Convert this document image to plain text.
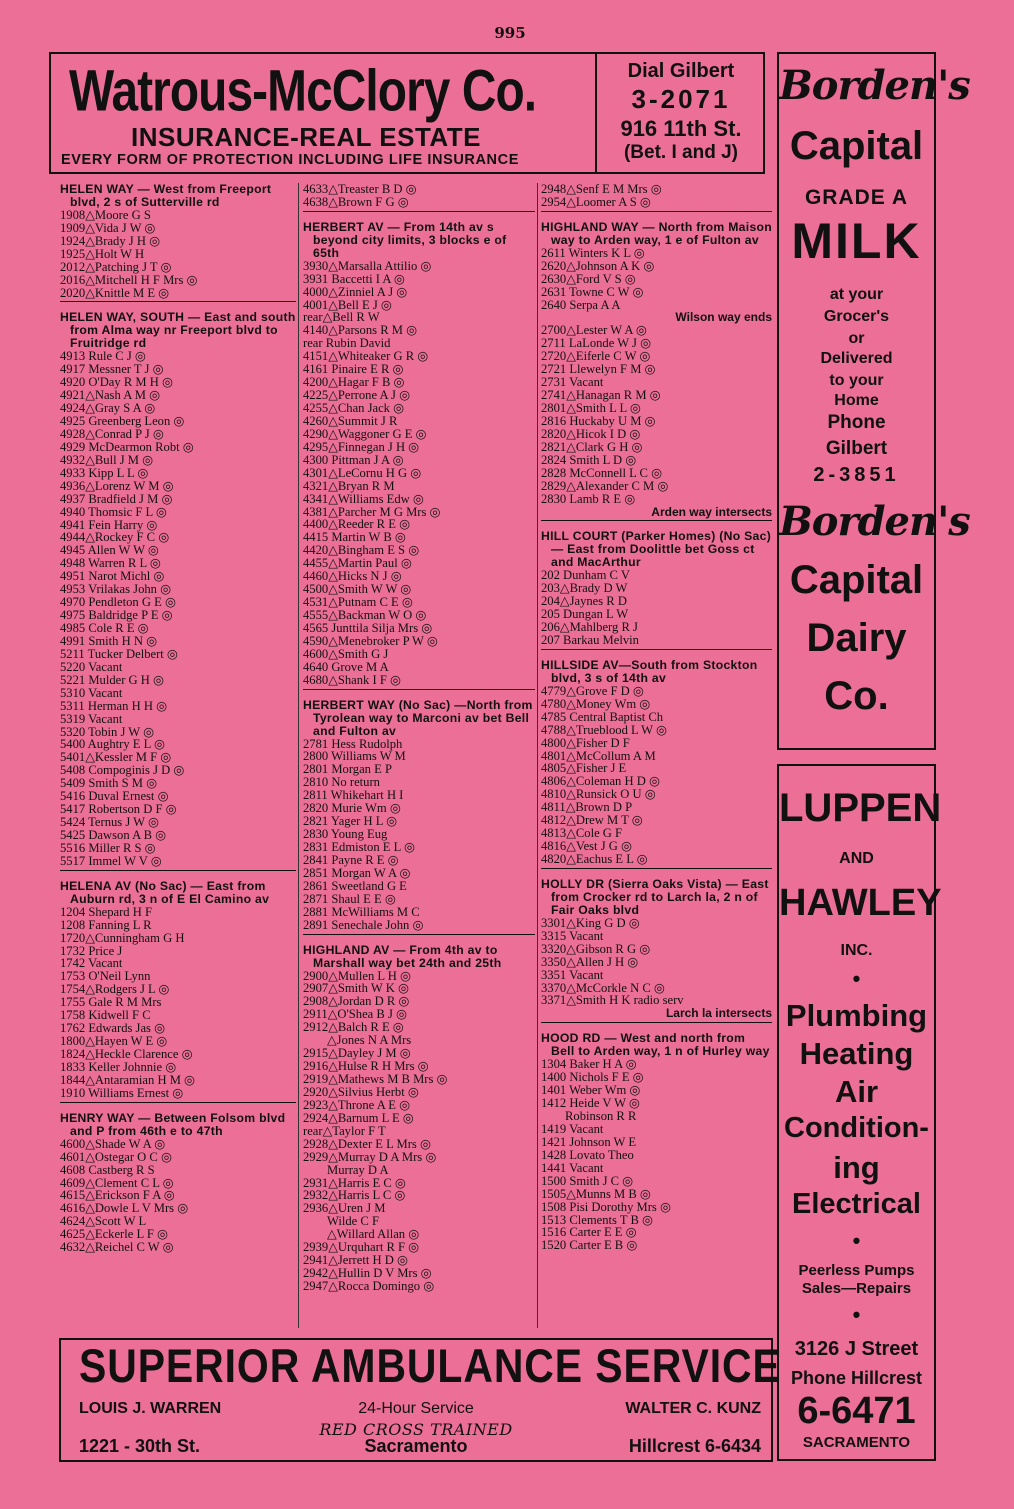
995
Watrous-McClory Co.
INSURANCE-REAL ESTATE
EVERY FORM OF PROTECTION INCLUDING LIFE INSURANCE
Dial Gilbert
3-2071
916 11th St.
(Bet. I and J)
HELEN WAY — West from Freeport blvd, 2 s of Sutterville rd
1908△Moore G S
1909△Vida J W ◎
1924△Brady J H ◎
1925△Holt W H
2012△Patching J T ◎
2016△Mitchell H F Mrs ◎
2020△Knittle M E ◎
HELEN WAY, SOUTH — East and south from Alma way nr Freeport blvd to Fruitridge rd
4913 Rule C J ◎
4917 Messner T J ◎
4920 O'Day R M H ◎
4921△Nash A M ◎
4924△Gray S A ◎
4925 Greenberg Leon ◎
4928△Conrad P J ◎
4929 McDearmon Robt ◎
4932△Bull J M ◎
4933 Kipp L L ◎
4936△Lorenz W M ◎
4937 Bradfield J M ◎
4940 Thomsic F L ◎
4941 Fein Harry ◎
4944△Rockey F C ◎
4945 Allen W W ◎
4948 Warren R L ◎
4951 Narot Michl ◎
4953 Vrilakas John ◎
4970 Pendleton G E ◎
4975 Baldridge P E ◎
4985 Cole R E ◎
4991 Smith H N ◎
5211 Tucker Delbert ◎
5220 Vacant
5221 Mulder G H ◎
5310 Vacant
5311 Herman H H ◎
5319 Vacant
5320 Tobin J W ◎
5400 Aughtry E L ◎
5401△Kessler M F ◎
5408 Compoginis J D ◎
5409 Smith S M ◎
5416 Duval Ernest ◎
5417 Robertson D F ◎
5424 Ternus J W ◎
5425 Dawson A B ◎
5516 Miller R S ◎
5517 Immel W V ◎
HELENA AV (No Sac) — East from Auburn rd, 3 n of E El Camino av
1204 Shepard H F
1208 Fanning L R
1720△Cunningham G H
1732 Price J
1742 Vacant
1753 O'Neil Lynn
1754△Rodgers J L ◎
1755 Gale R M Mrs
1758 Kidwell F C
1762 Edwards Jas ◎
1800△Hayen W E ◎
1824△Heckle Clarence ◎
1833 Keller Johnnie ◎
1844△Antaramian H M ◎
1910 Williams Ernest ◎
HENRY WAY — Between Folsom blvd and P from 46th e to 47th
4600△Shade W A ◎
4601△Ostegar O C ◎
4608 Castberg R S
4609△Clement C L ◎
4615△Erickson F A ◎
4616△Dowle L V Mrs ◎
4624△Scott W L
4625△Eckerle L F ◎
4632△Reichel C W ◎
4633△Treaster B D ◎
4638△Brown F G ◎
HERBERT AV — From 14th av s beyond city limits, 3 blocks e of 65th
3930△Marsalla Attilio ◎
3931 Baccetti I A ◎
4000△Zinniel A J ◎
4001△Bell E J ◎
rear△Bell R W
4140△Parsons R M ◎
rear Rubin David
4151△Whiteaker G R ◎
4161 Pinaire E R ◎
4200△Hagar F B ◎
4225△Perrone A J ◎
4255△Chan Jack ◎
4260△Summit J R
4290△Waggoner G E ◎
4295△Finnegan J H ◎
4300 Pittman J A ◎
4301△LeCornu H G ◎
4321△Bryan R M
4341△Williams Edw ◎
4381△Parcher M G Mrs ◎
4400△Reeder R E ◎
4415 Martin W B ◎
4420△Bingham E S ◎
4455△Martin Paul ◎
4460△Hicks N J ◎
4500△Smith W W ◎
4531△Putnam C E ◎
4555△Backman W O ◎
4565 Junttila Silja Mrs ◎
4590△Menebroker P W ◎
4600△Smith G J
4640 Grove M A
4680△Shank I F ◎
HERBERT WAY (No Sac) —North from Tyrolean way to Marconi av bet Bell and Fulton av
2781 Hess Rudolph
2800 Williams W M
2801 Morgan E P
2810 No return
2811 Whikehart H I
2820 Murie Wm ◎
2821 Yager H L ◎
2830 Young Eug
2831 Edmiston E L ◎
2841 Payne R E ◎
2851 Morgan W A ◎
2861 Sweetland G E
2871 Shaul E E ◎
2881 McWilliams M C
2891 Senechale John ◎
HIGHLAND AV — From 4th av to Marshall way bet 24th and 25th
2900△Mullen L H ◎
2907△Smith W K ◎
2908△Jordan D R ◎
2911△O'Shea B J ◎
2912△Balch R E ◎
△Jones N A Mrs
2915△Dayley J M ◎
2916△Hulse R H Mrs ◎
2919△Mathews M B Mrs ◎
2920△Silvius Herbt ◎
2923△Throne A E ◎
2924△Barnum L E ◎
rear△Taylor F T
2928△Dexter E L Mrs ◎
2929△Murray D A Mrs ◎
Murray D A
2931△Harris E C ◎
2932△Harris L C ◎
2936△Uren J M
Wilde C F
△Willard Allan ◎
2939△Urquhart R F ◎
2941△Jerrett H D ◎
2942△Hullin D V Mrs ◎
2947△Rocca Domingo ◎
2948△Senf E M Mrs ◎
2954△Loomer A S ◎
HIGHLAND WAY — North from Maison way to Arden way, 1 e of Fulton av
2611 Winters K L ◎
2620△Johnson A K ◎
2630△Ford V S ◎
2631 Towne C W ◎
2640 Serpa A A
Wilson way ends
2700△Lester W A ◎
2711 LaLonde W J ◎
2720△Eiferle C W ◎
2721 Llewelyn F M ◎
2731 Vacant
2741△Hanagan R M ◎
2801△Smith L L ◎
2816 Huckaby U M ◎
2820△Hicok I D ◎
2821△Clark G H ◎
2824 Smith L D ◎
2828 McConnell L C ◎
2829△Alexander C M ◎
2830 Lamb R E ◎
Arden way intersects
HILL COURT (Parker Homes) (No Sac) — East from Doolittle bet Goss ct and MacArthur
202 Dunham C V
203△Brady D W
204△Jaynes R D
205 Dungan L W
206△Mahlberg R J
207 Barkau Melvin
HILLSIDE AV—South from Stockton blvd, 3 s of 14th av
4779△Grove F D ◎
4780△Money Wm ◎
4785 Central Baptist Ch
4788△Trueblood L W ◎
4800△Fisher D F
4801△McCollum A M
4805△Fisher J E
4806△Coleman H D ◎
4810△Runsick O U ◎
4811△Brown D P
4812△Drew M T ◎
4813△Cole G F
4816△Vest J G ◎
4820△Eachus E L ◎
HOLLY DR (Sierra Oaks Vista) — East from Crocker rd to Larch la, 2 n of Fair Oaks blvd
3301△King G D ◎
3315 Vacant
3320△Gibson R G ◎
3350△Allen J H ◎
3351 Vacant
3370△McCorkle N C ◎
3371△Smith H K radio serv
Larch la intersects
HOOD RD — West and north from Bell to Arden way, 1 n of Hurley way
1304 Baker H A ◎
1400 Nichols F E ◎
1401 Weber Wm ◎
1412 Heide V W ◎
Robinson R R
1419 Vacant
1421 Johnson W E
1428 Lovato Theo
1441 Vacant
1500 Smith J C ◎
1505△Munns M B ◎
1508 Pisi Dorothy Mrs ◎
1513 Clements T B ◎
1516 Carter E E ◎
1520 Carter E B ◎
Borden's
Capital
GRADE A
MILK
at your
Grocer's
or
Delivered
to your
Home
Phone
Gilbert
2-3851
Borden's
Capital
Dairy
Co.
LUPPEN
AND
HAWLEY
INC.
•
Plumbing
Heating
Air
Condition-
ing
Electrical
•
Peerless Pumps
Sales—Repairs
•
3126 J Street
Phone Hillcrest
6-6471
SACRAMENTO
SUPERIOR AMBULANCE SERVICE
LOUIS J. WARREN	24-Hour Service	WALTER C. KUNZ
RED CROSS TRAINED
1221 - 30th St.	Sacramento	Hillcrest 6-6434
